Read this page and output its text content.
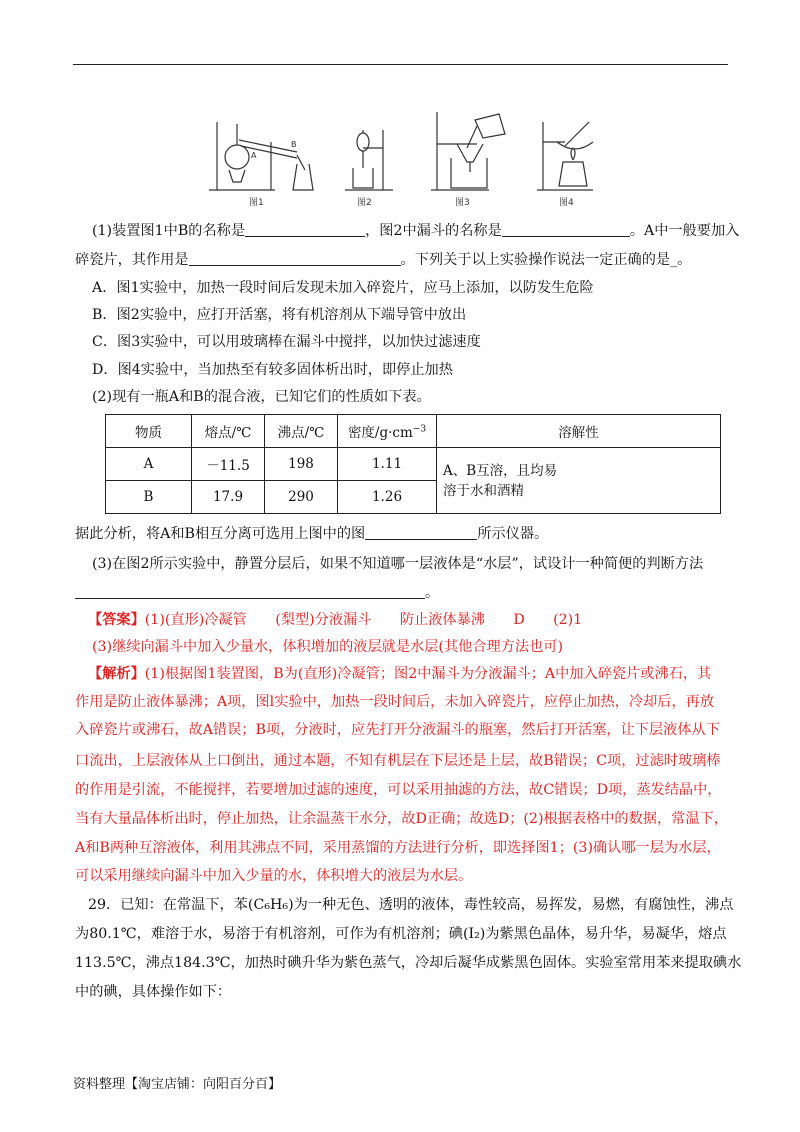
B
A
图1	图2	图3	图4
(1)装置图1中B的名称是	，图2中漏斗的名称是	。A中一般要加入
碎瓷片，其作用是	。下列关于以上实验操作说法一定正确的是_。
A．图1实验中，加热一段时间后发现未加入碎瓷片，应马上添加，以防发生危险
B．图2实验中，应打开活塞，将有机溶剂从下端导管中放出
C．图3实验中，可以用玻璃棒在漏斗中搅拌，以加快过滤速度
D．图4实验中，当加热至有较多固体析出时，即停止加热
(2)现有一瓶A和B的混合液，已知它们的性质如下表。
物质	熔点/℃	沸点/℃	密度$/g\cdot cm^{-3}$	溶解性
A	－11.5	198	1.11	A、B互溶，且均易
溶于水和酒精

B	17.9	290	1.26	
据此分析，将A和B相互分离可选用上图中的图	所示仪器。
(3)在图2所示实验中，静置分层后，如果不知道哪一层液体是“水层”，试设计一种简便的判断方法
。
【答案】(1)(直形)冷凝管　　(梨型)分液漏斗　　防止液体暴沸　　D　　(2)1
(3)继续向漏斗中加入少量水，体积增加的液层就是水层(其他合理方法也可)
【解析】(1)根据图1装置图，B为(直形)冷凝管；图2中漏斗为分液漏斗；A中加入碎瓷片或沸石，其
作用是防止液体暴沸；A项，图l实验中，加热一段时间后，未加入碎瓷片，应停止加热，冷却后，再放
入碎瓷片或沸石，故A错误；B项，分液时，应先打开分液漏斗的瓶塞，然后打开活塞，让下层液体从下
口流出，上层液体从上口倒出，通过本题，不知有机层在下层还是上层，故B错误；C项，过滤时玻璃棒
的作用是引流，不能搅拌，若要增加过滤的速度，可以采用抽滤的方法，故C错误；D项，蒸发结晶中，
当有大量晶体析出时，停止加热，让余温蒸干水分，故D正确；故选D；(2)根据表格中的数据，常温下，
A和B两种互溶液体，利用其沸点不同，采用蒸馏的方法进行分析，即选择图1；(3)确认哪一层为水层，
可以采用继续向漏斗中加入少量的水，体积增大的液层为水层。
29．已知：在常温下，苯(C₆H₆)为一种无色、透明的液体，毒性较高，易挥发，易燃，有腐蚀性，沸点
为80.1℃，难溶于水，易溶于有机溶剂，可作为有机溶剂；碘(I₂)为紫黑色晶体，易升华，易凝华，熔点
113.5℃，沸点184.3℃，加热时碘升华为紫色蒸气，冷却后凝华成紫黑色固体。实验室常用苯来提取碘水
中的碘，具体操作如下：
资料整理【淘宝店铺：向阳百分百】
